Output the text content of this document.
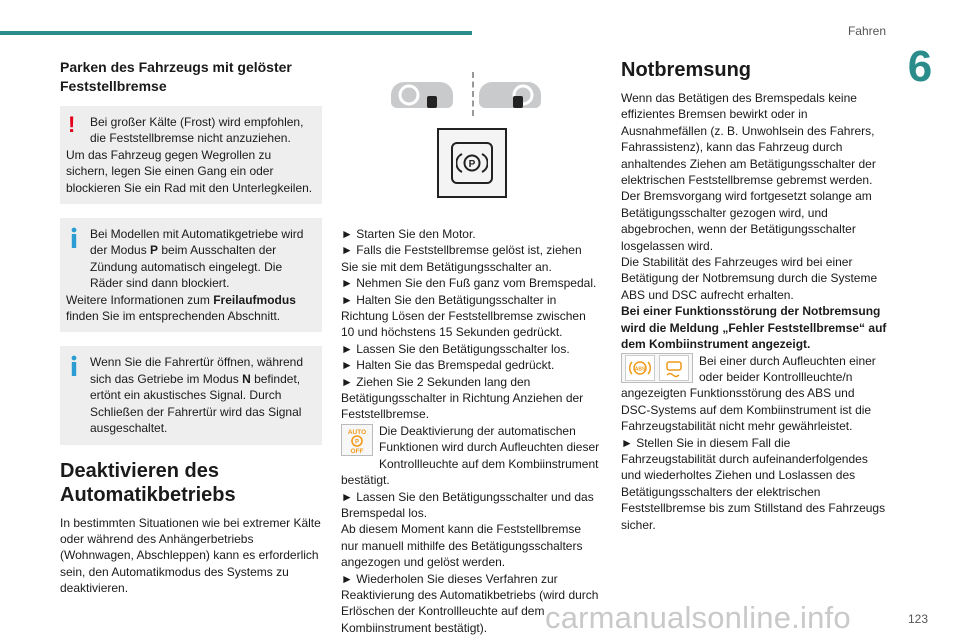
Fahren
6
Parken des Fahrzeugs mit gelöster Feststellbremse
!	Bei großer Kälte (Frost) wird empfohlen, die Feststellbremse nicht anzuziehen.

Um das Fahrzeug gegen Wegrollen zu sichern, legen Sie einen Gang ein oder blockieren Sie ein Rad mit den Unterlegkeilen.

Bei Modellen mit Automatikgetriebe wird der Modus P beim Ausschalten der Zündung automatisch eingelegt. Die Räder sind dann blockiert.

Weitere Informationen zum Freilaufmodus finden Sie im entsprechenden Abschnitt.

Wenn Sie die Fahrertür öffnen, während sich das Getriebe im Modus N befindet, ertönt ein akustisches Signal. Durch Schließen der Fahrertür wird das Signal ausgeschaltet.

Deaktivieren des Automatikbetriebs

In bestimmten Situationen wie bei extremer Kälte oder während des Anhängerbetriebs (Wohnwagen, Abschleppen) kann es erforderlich sein, den Automatikmodus des Systems zu deaktivieren.

P

► Starten Sie den Motor.

► Falls die Feststellbremse gelöst ist, ziehen Sie sie mit dem Betätigungsschalter an.

► Nehmen Sie den Fuß ganz vom Bremspedal.

► Halten Sie den Betätigungsschalter in Richtung Lösen der Feststellbremse zwischen 10 und höchstens 15 Sekunden gedrückt.

► Lassen Sie den Betätigungsschalter los.

► Halten Sie das Bremspedal gedrückt.

► Ziehen Sie 2 Sekunden lang den Betätigungsschalter in Richtung Anziehen der Feststellbremse.

AUTO
P
OFF

Die Deaktivierung der automatischen Funktionen wird durch Aufleuchten dieser Kontrollleuchte auf dem Kombiinstrument bestätigt.

► Lassen Sie den Betätigungsschalter und das Bremspedal los.

Ab diesem Moment kann die Feststellbremse nur manuell mithilfe des Betätigungsschalters angezogen und gelöst werden.

► Wiederholen Sie dieses Verfahren zur Reaktivierung des Automatikbetriebs (wird durch Erlöschen der Kontrollleuchte auf dem Kombiinstrument bestätigt).

Notbremsung

Wenn das Betätigen des Bremspedals keine effizientes Bremsen bewirkt oder in Ausnahmefällen (z. B. Unwohlsein des Fahrers, Fahrassistenz), kann das Fahrzeug durch anhaltendes Ziehen am Betätigungsschalter der elektrischen Feststellbremse gebremst werden. Der Bremsvorgang wird fortgesetzt solange am Betätigungsschalter gezogen wird, und abgebrochen, wenn der Betätigungsschalter losgelassen wird.

Die Stabilität des Fahrzeuges wird bei einer Betätigung der Notbremsung durch die Systeme ABS und DSC aufrecht erhalten.

Bei einer Funktionsstörung der Notbremsung wird die Meldung „Fehler Feststellbremse“ auf dem Kombiinstrument angezeigt.

ABS

Bei einer durch Aufleuchten einer oder beider Kontrollleuchte/n angezeigten Funktionsstörung des ABS und DSC-Systems auf dem Kombiinstrument ist die Fahrzeugstabilität nicht mehr gewährleistet.

► Stellen Sie in diesem Fall die Fahrzeugstabilität durch aufeinanderfolgendes und wiederholtes Ziehen und Loslassen des Betätigungsschalters der elektrischen Feststellbremse bis zum Stillstand des Fahrzeugs sicher.

carmanualsonline.info	123
